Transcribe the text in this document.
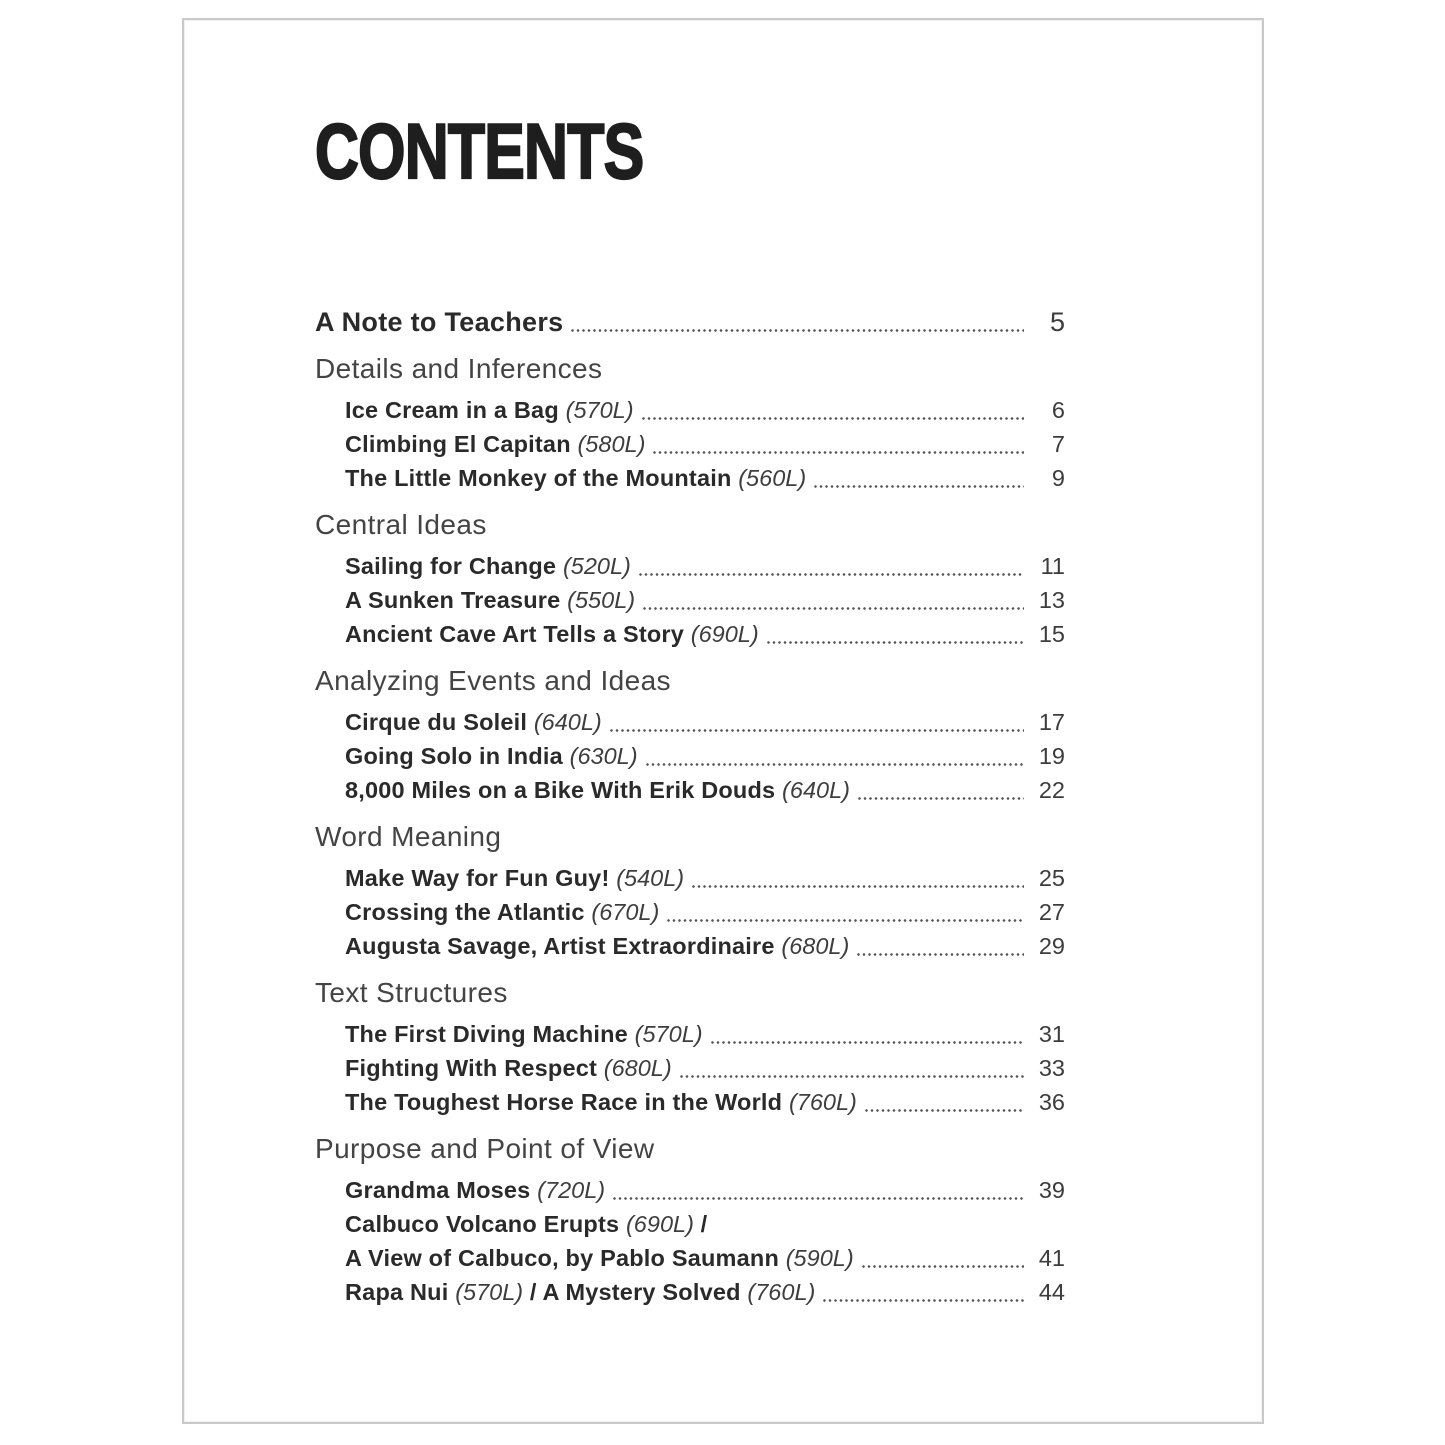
CONTENTS
A Note to Teachers	5
Details and Inferences
Ice Cream in a Bag (570L)	6
Climbing El Capitan (580L)	7
The Little Monkey of the Mountain (560L)	9
Central Ideas
Sailing for Change (520L)	11
A Sunken Treasure (550L)	13
Ancient Cave Art Tells a Story (690L)	15
Analyzing Events and Ideas
Cirque du Soleil (640L)	17
Going Solo in India (630L)	19
8,000 Miles on a Bike With Erik Douds (640L)	22
Word Meaning
Make Way for Fun Guy! (540L)	25
Crossing the Atlantic (670L)	27
Augusta Savage, Artist Extraordinaire (680L)	29
Text Structures
The First Diving Machine (570L)	31
Fighting With Respect (680L)	33
The Toughest Horse Race in the World (760L)	36
Purpose and Point of View
Grandma Moses (720L)	39
Calbuco Volcano Erupts (690L) /
A View of Calbuco, by Pablo Saumann (590L)	41
Rapa Nui (570L) / A Mystery Solved (760L)	44
